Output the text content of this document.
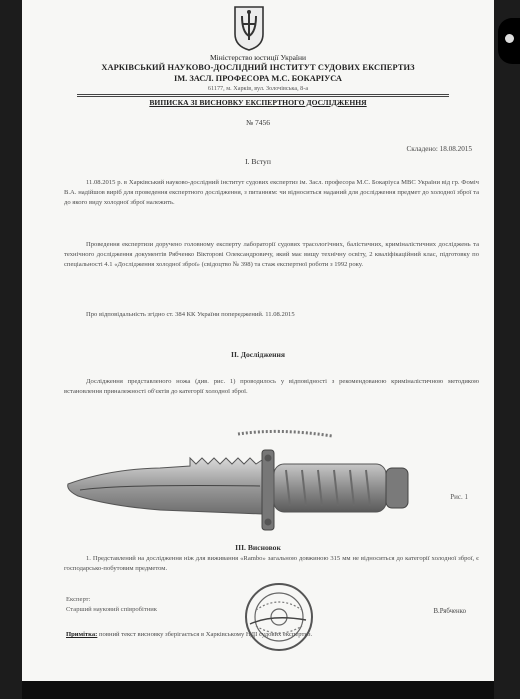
Міністерство юстиції України
ХАРКІВСЬКИЙ НАУКОВО-ДОСЛІДНИЙ ІНСТИТУТ СУДОВИХ ЕКСПЕРТИЗ
ІМ. ЗАСЛ. ПРОФЕСОРА М.С. БОКАРІУСА
61177, м. Харків, вул. Золочівська, 8-а
ВИПИСКА ЗІ ВИСНОВКУ ЕКСПЕРТНОГО ДОСЛІДЖЕННЯ
№ 7456
Складено: 18.08.2015
I. Вступ
11.08.2015 р. в Харківський науково-дослідний інститут судових експертиз ім. Засл. професора М.С. Бокаріуса МВС України від гр. Фоміч В.А. надійшов виріб для проведення експертного дослідження, з питанням: чи відноситься наданий для дослідження предмет до холодної зброї та до якого виду холодної зброї належить.
Проведення експертизи доручено головному експерту лабораторії судових трасологічних, балістичних, криміналістичних досліджень та технічного дослідження документів Рябченко Вікторові Олександровичу, який має вищу технічну освіту, 2 кваліфікаційний клас, підготовку по спеціальності 4.1 «Дослідження холодної зброї» (свідоцтво № 398) та стаж експертної роботи з 1992 року.
Про відповідальність згідно ст. 384 КК України попереджений. 11.08.2015
II. Дослідження
Дослідження представленого ножа (див. рис. 1) проводилось у відповідності з рекомендованою криміналістичною методикою встановлення приналежності об'єктів до категорії холодної зброї.
Рис. 1
III. Висновок
1. Представлений на дослідження ніж для виживання «Rambo» загальною довжиною 315 мм не відноситься до категорії холодної зброї, є господарсько-побутовим предметом.
Експерт:
Старший науковий співробітник	В.Рябченко
Примітка: повний текст висновку зберігається в Харківському НДІ судових експертиз.
